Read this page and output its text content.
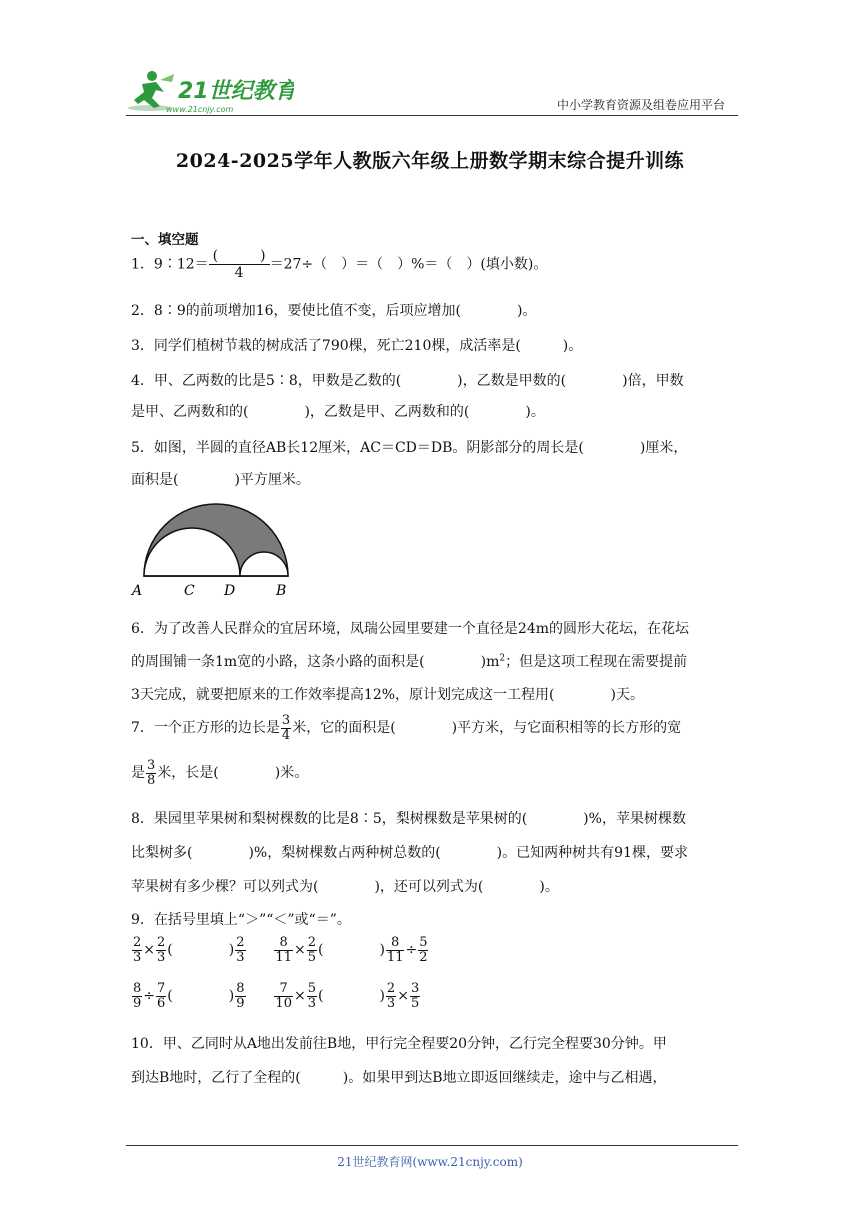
21世纪教育
www.21cnjy.com	中小学教育资源及组卷应用平台
2024-2025学年人教版六年级上册数学期末综合提升训练
一、填空题
1．9∶12＝ $\frac{( )}{4} =27\div$（　）＝（　）%＝（　）(填小数)。
2．8∶9的前项增加16，要使比值不变，后项应增加(　　　　)。
3．同学们植树节栽的树成活了790棵，死亡210棵，成活率是(　　　)。
4．甲、乙两数的比是5∶8，甲数是乙数的(　　　　)，乙数是甲数的(　　　　)倍，甲数
是甲、乙两数和的(　　　　)，乙数是甲、乙两数和的(　　　　)。
5．如图，半圆的直径AB长12厘米，AC＝CD＝DB。阴影部分的周长是(　　　　)厘米，
面积是(　　　　)平方厘米。
A	C D	B
6．为了改善人民群众的宜居环境，凤瑞公园里要建一个直径是24m的圆形大花坛，在花坛
的周围铺一条1m宽的小路，这条小路的面积是(　　　　)$m^2$；但是这项工程现在需要提前
3天完成，就要把原来的工作效率提高12%，原计划完成这一工程用(　　　　)天。
7．一个正方形的边长是 $\frac{3}{4}$ 米，它的面积是(　　　　)平方米，与它面积相等的长方形的宽
是 $\frac{3}{8}$ 米，长是(　　　　)米。
8．果园里苹果树和梨树棵数的比是8∶5，梨树棵数是苹果树的(　　　　)%，苹果树棵数
比梨树多(　　　　)%，梨树棵数占两种树总数的(　　　　)。已知两种树共有91棵，要求
苹果树有多少棵？可以列式为(　　　　)，还可以列式为(　　　　)。
9．在括号里填上“＞”“＜”或“＝”。
$\frac{2}{3} \times \frac{2}{3}$ (　　　　) $\frac{2}{3}$
$\frac{8}{11} \times \frac{2}{5}$ (　　　　) $\frac{8}{11} \div \frac{5}{2}$
$\frac{8}{9} \div \frac{7}{6}$ (　　　　) $\frac{8}{9}$
$\frac{7}{10} \times \frac{5}{3}$ (　　　　) $\frac{2}{3} \times \frac{3}{5}$
10．甲、乙同时从A地出发前往B地，甲行完全程要20分钟，乙行完全程要30分钟。甲
到达B地时，乙行了全程的(　　　)。如果甲到达B地立即返回继续走，途中与乙相遇，
21世纪教育网(www.21cnjy.com)
